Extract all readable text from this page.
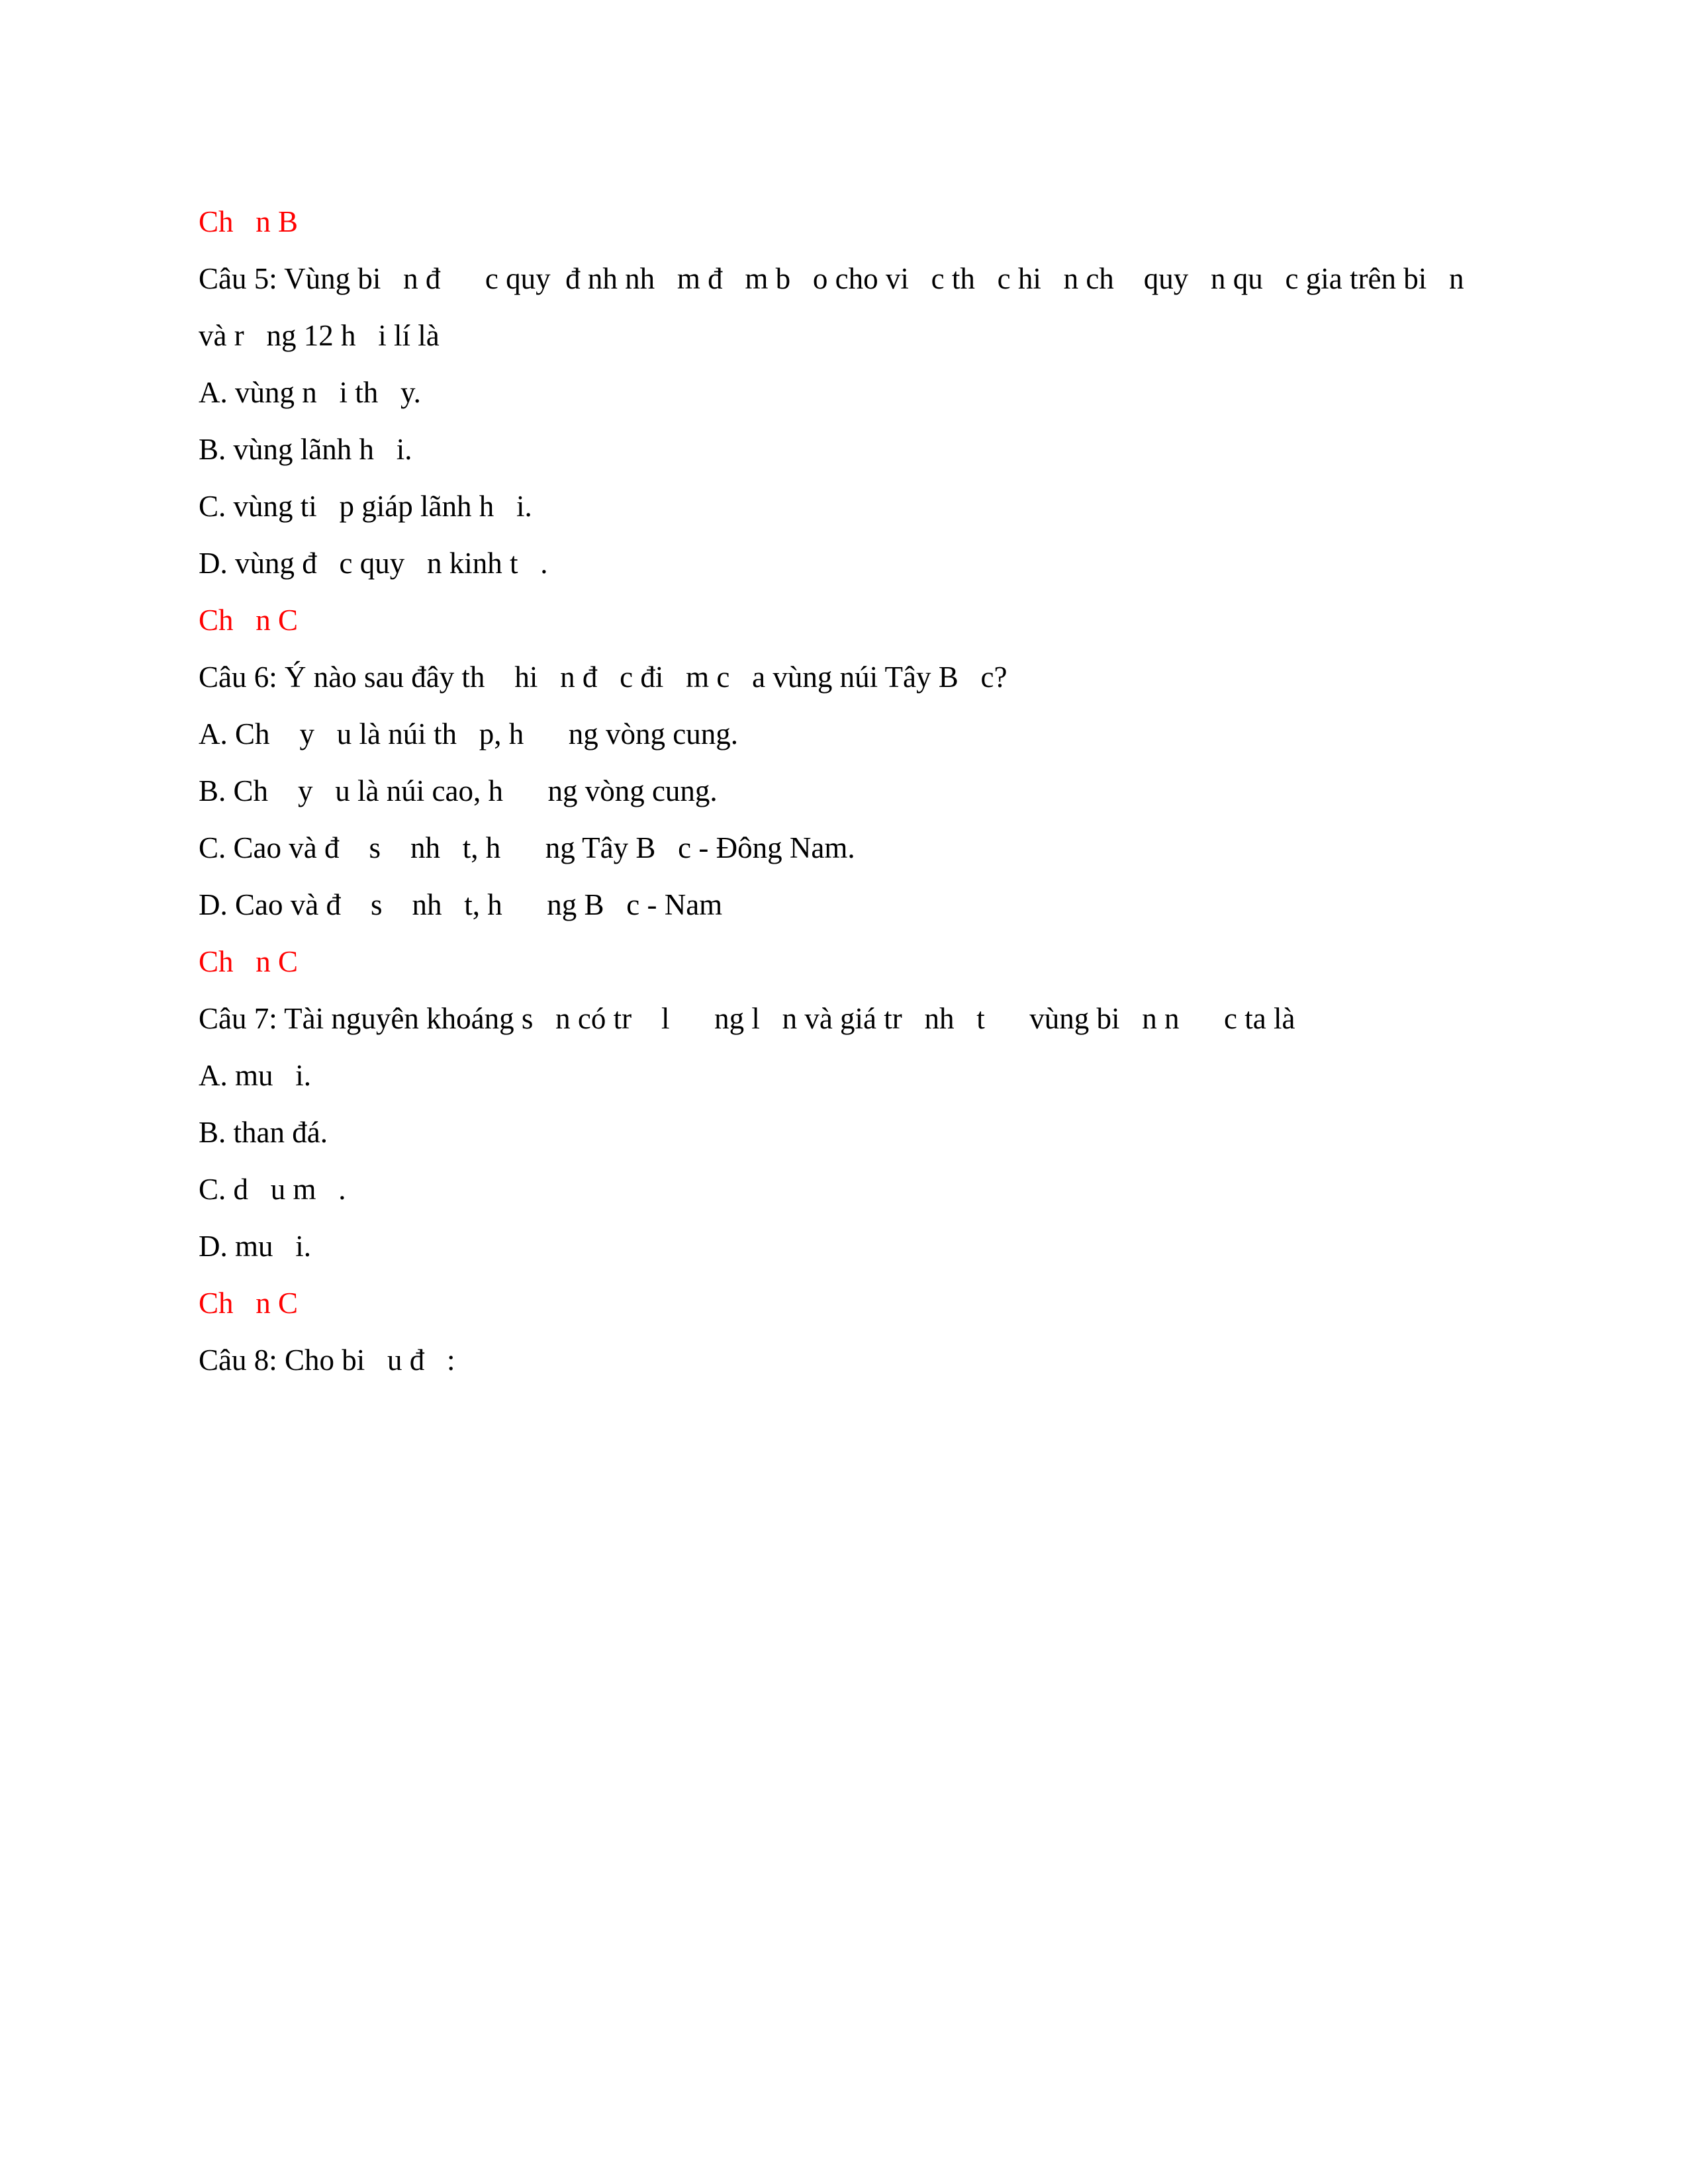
Ch   n B

Câu 5: Vùng bi   n đ      c quy  đ nh nh   m đ   m b   o cho vi   c th   c hi   n ch    quy   n qu   c gia trên bi   n

và r   ng 12 h   i lí là

A. vùng n   i th   y.

B. vùng lãnh h   i.

C. vùng ti   p giáp lãnh h   i.

D. vùng đ   c quy   n kinh t   .

Ch   n C

Câu 6: Ý nào sau đây th    hi   n đ   c đi   m c   a vùng núi Tây B   c?

A. Ch    y   u là núi th   p, h      ng vòng cung.

B. Ch    y   u là núi cao, h      ng vòng cung.

C. Cao và đ    s    nh   t, h      ng Tây B   c - Đông Nam.

D. Cao và đ    s    nh   t, h      ng B   c - Nam

Ch   n C

Câu 7: Tài nguyên khoáng s   n có tr    l      ng l   n và giá tr   nh   t      vùng bi   n n      c ta là

A. mu   i.

B. than đá.

C. d   u m   .

D. mu   i.

Ch   n C

Câu 8: Cho bi   u đ   :
